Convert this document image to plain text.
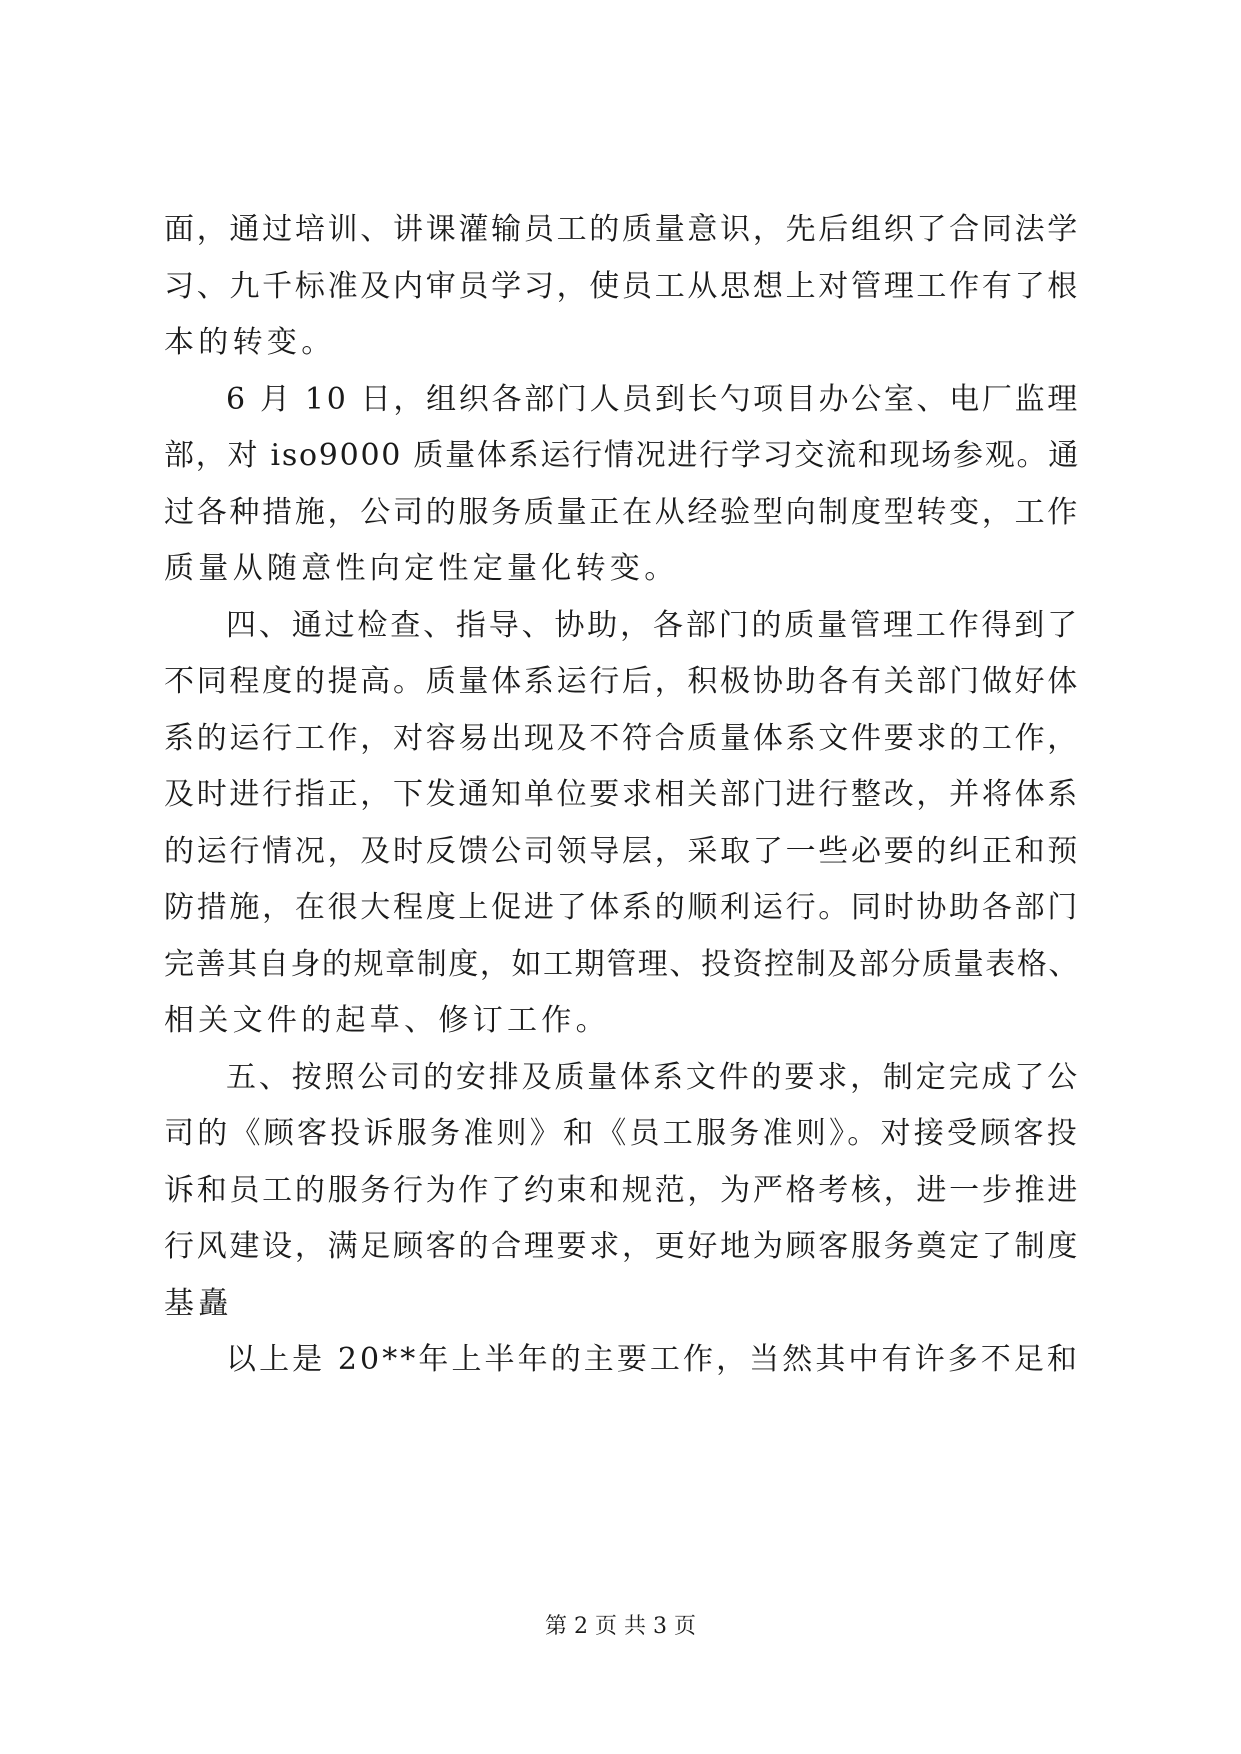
面，通过培训、讲课灌输员工的质量意识，先后组织了合同法学
习、九千标准及内审员学习，使员工从思想上对管理工作有了根
本的转变。
6 月 10 日，组织各部门人员到长勺项目办公室、电厂监理
部，对 iso9000 质量体系运行情况进行学习交流和现场参观。通
过各种措施，公司的服务质量正在从经验型向制度型转变，工作
质量从随意性向定性定量化转变。
四、通过检查、指导、协助，各部门的质量管理工作得到了
不同程度的提高。质量体系运行后，积极协助各有关部门做好体
系的运行工作，对容易出现及不符合质量体系文件要求的工作，
及时进行指正，下发通知单位要求相关部门进行整改，并将体系
的运行情况，及时反馈公司领导层，采取了一些必要的纠正和预
防措施，在很大程度上促进了体系的顺利运行。同时协助各部门
完善其自身的规章制度，如工期管理、投资控制及部分质量表格、
相关文件的起草、修订工作。
五、按照公司的安排及质量体系文件的要求，制定完成了公
司的《顾客投诉服务准则》和《员工服务准则》。对接受顾客投
诉和员工的服务行为作了约束和规范，为严格考核，进一步推进
行风建设，满足顾客的合理要求，更好地为顾客服务奠定了制度
基矗
以上是 20**年上半年的主要工作，当然其中有许多不足和
第 2 页 共 3 页
